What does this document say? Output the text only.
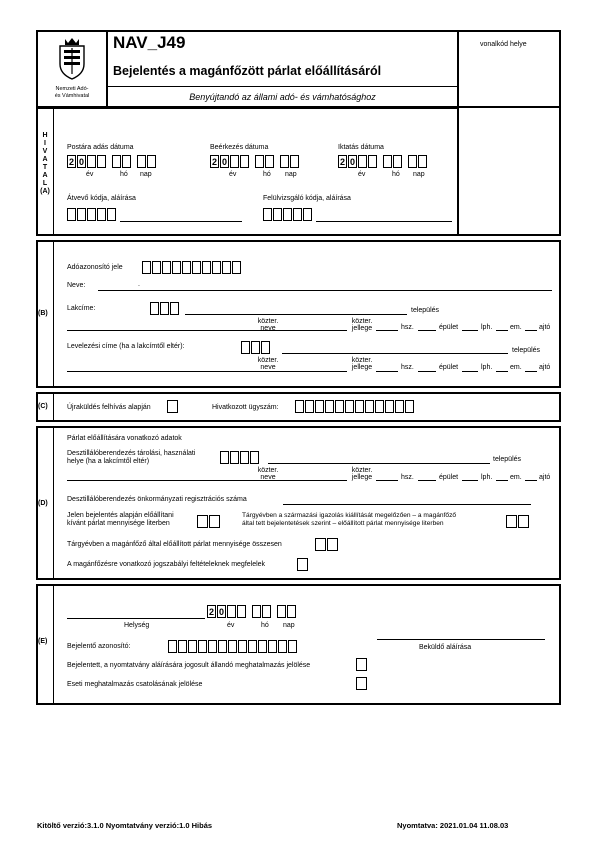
Nemzeti Adó-
és Vámhivatal
NAV_J49
Bejelentés a magánfőzött párlat előállításáról
Benyújtandó az állami adó- és vámhatósághoz
vonalkód helye
H
I
V
A
T
A
L
(A)
Postára adás dátuma	Beérkezés dátuma	Iktatás dátuma
2 0	2 0	2 0
év	hó nap	év	hó nap	év	hó nap
Átvevő kódja, aláírása	Felülvizsgáló kódja, aláírása
(B)
Adóazonosító jele
Neve:	.
Lakcíme:	település
közter.
neve
közter.
jellege	hsz.	épület	lph.	em. ajtó
Levelezési címe (ha a lakcímtől eltér):
település
közter.
neve
közter.
jellege	hsz.	épület	lph.	em. ajtó
(C)	Újraküldés felhívás alapján	Hivatkozott ügyszám:
(D)
Párlat előállítására vonatkozó adatok
Desztillálóberendezés tárolási, használati
helye (ha a lakcímtől eltér)	település
közter.
neve
közter.
jellege	hsz.	épület	lph.	em. ajtó
Desztillálóberendezés önkormányzati regisztrációs száma
Jelen bejelentés alapján előállítani
kívánt párlat mennyisége literben
Tárgyévben a származási igazolás kiállítását megelőzően – a magánfőző
által tett bejelentetések szerint – előállított párlat mennyisége literben
Tárgyévben a magánfőző által előállított párlat mennyisége összesen
A magánfőzésre vonatkozó jogszabályi feltételeknek megfelelek
(E)
Helység
2 0
év	hó nap
Bejelentő azonosító:	Beküldő aláírása
Bejelentett, a nyomtatvány aláírására jogosult állandó meghatalmazás jelölése
Eseti meghatalmazás csatolásának jelölése
Kitöltő verzió:3.1.0 Nyomtatvány verzió:1.0 Hibás	Nyomtatva: 2021.01.04 11.08.03
